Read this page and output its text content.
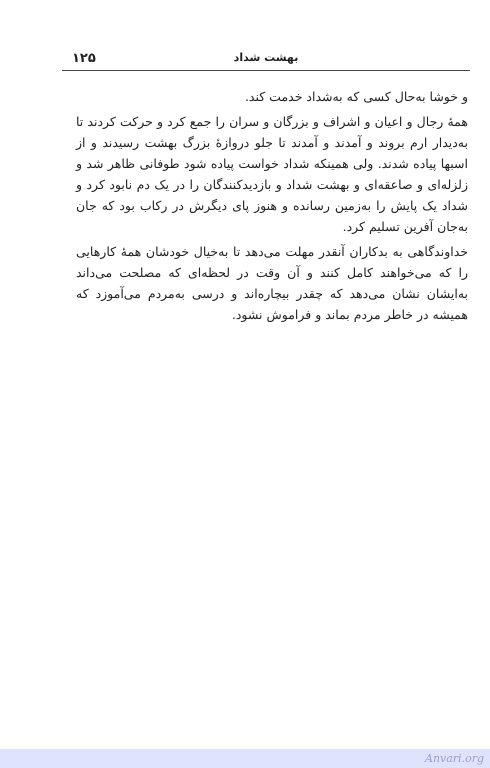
۱۲۵	بهشت شداد

و خوشا به‌حال کسی که به‌شداد خدمت کند.

همهٔ رجال و اعیان و اشراف و بزرگان و سران را جمع کرد و حرکت کردند تا به‌دیدار ارم بروند و آمدند و آمدند تا جلو دروازهٔ بزرگ بهشت رسیدند و از اسبها پیاده شدند. ولی همینکه شداد خواست پیاده شود طوفانی ظاهر شد و زلزله‌ای و صاعقه‌ای و بهشت شداد و بازدیدکنندگان را در یک دم نابود کرد و شداد یک پایش را به‌زمین رسانده و هنوز پای دیگرش در رکاب بود که جان به‌جان آفرین تسلیم کرد.

خداوندگاهی به بدکاران آنقدر مهلت می‌دهد تا به‌خیال خودشان همهٔ کارهایی را که می‌خواهند کامل کنند و آن وقت در لحظه‌ای که مصلحت می‌داند به‌ایشان نشان می‌دهد که چقدر بیچاره‌اند و درسی به‌مردم می‌آموزد که همیشه در خاطر مردم بماند و فراموش نشود.

Anvari.org
